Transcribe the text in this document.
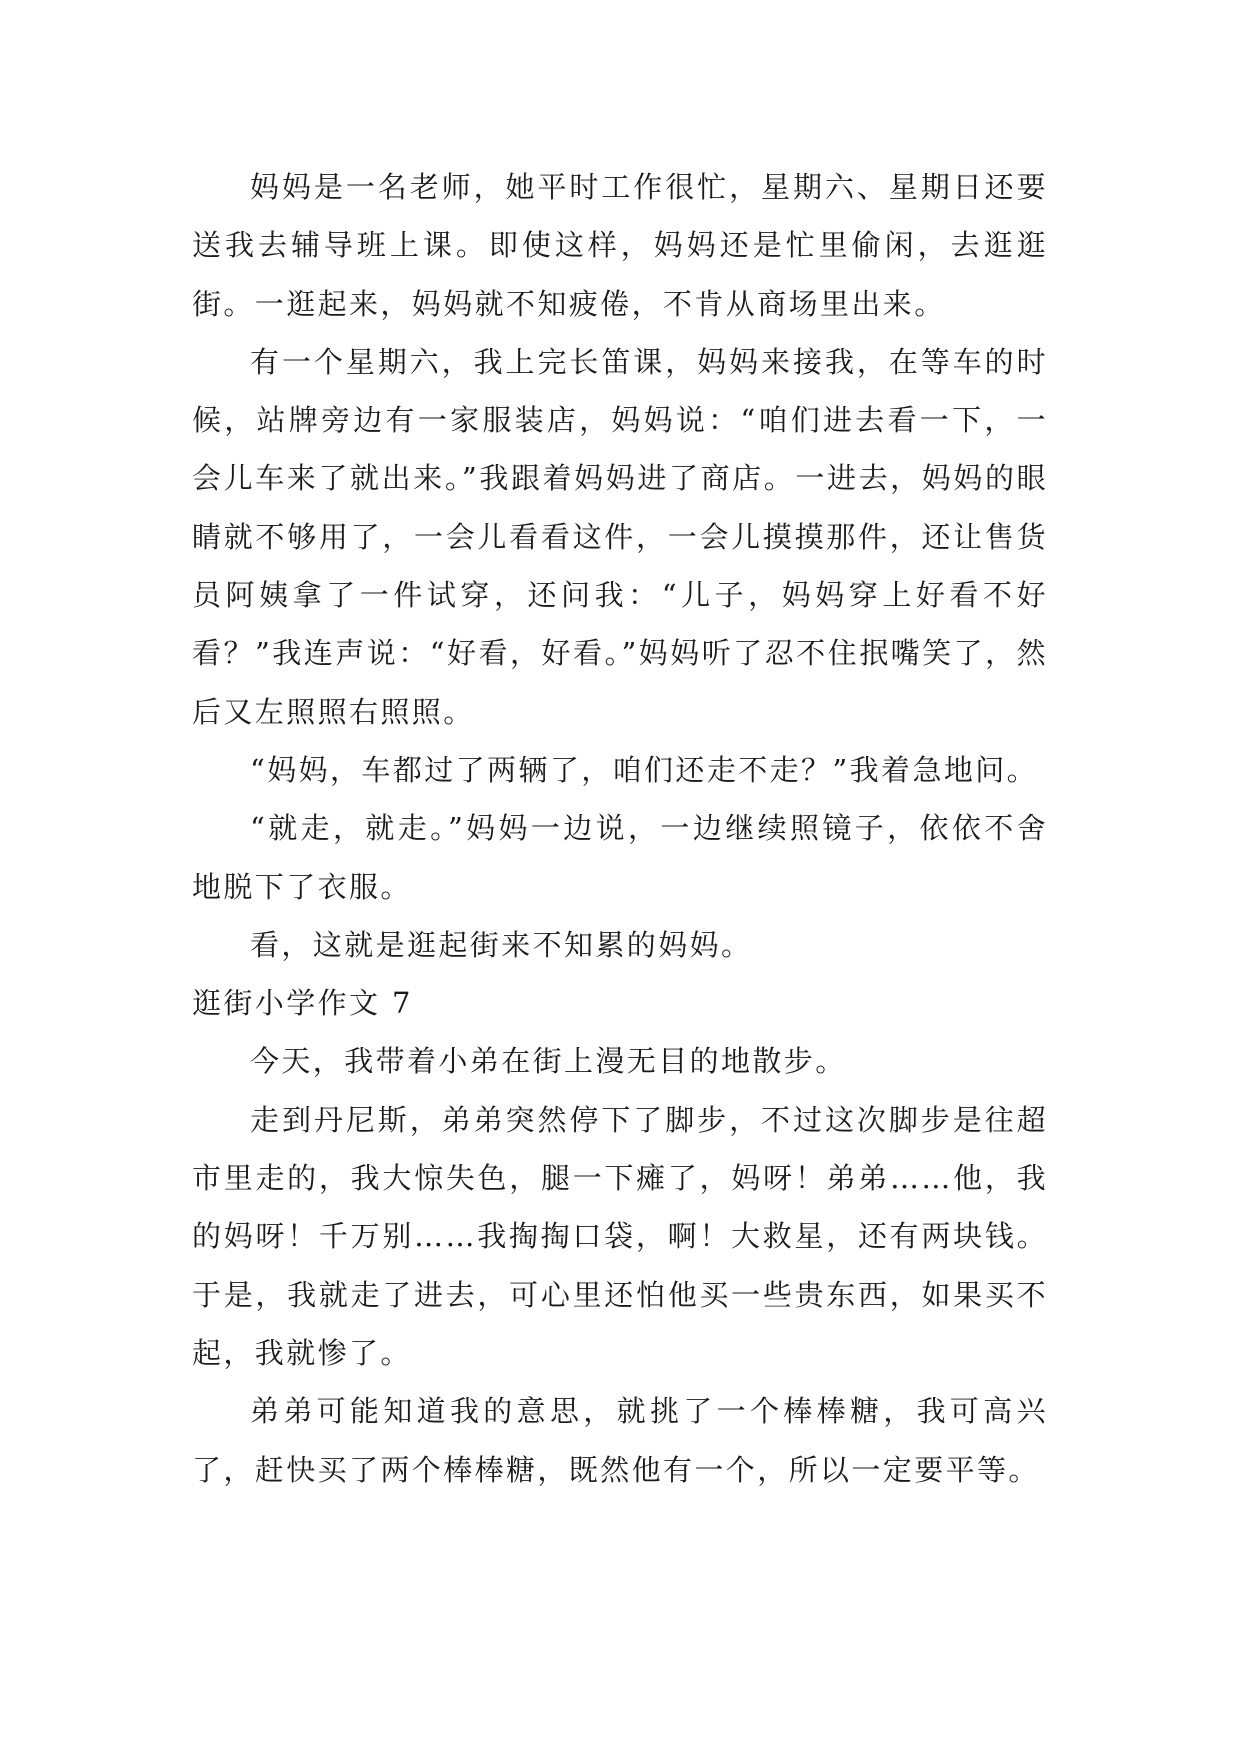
妈妈是一名老师，她平时工作很忙，星期六、星期日还要送我去辅导班上课。即使这样，妈妈还是忙里偷闲，去逛逛街。一逛起来，妈妈就不知疲倦，不肯从商场里出来。

有一个星期六，我上完长笛课，妈妈来接我，在等车的时候，站牌旁边有一家服装店，妈妈说：“咱们进去看一下，一会儿车来了就出来。”我跟着妈妈进了商店。一进去，妈妈的眼睛就不够用了，一会儿看看这件，一会儿摸摸那件，还让售货员阿姨拿了一件试穿，还问我：“儿子，妈妈穿上好看不好看？”我连声说：“好看，好看。”妈妈听了忍不住抿嘴笑了，然后又左照照右照照。

“妈妈，车都过了两辆了，咱们还走不走？”我着急地问。

“就走，就走。”妈妈一边说，一边继续照镜子，依依不舍地脱下了衣服。

看，这就是逛起街来不知累的妈妈。

逛街小学作文 7

今天，我带着小弟在街上漫无目的地散步。

走到丹尼斯，弟弟突然停下了脚步，不过这次脚步是往超市里走的，我大惊失色，腿一下瘫了，妈呀！弟弟……他，我的妈呀！千万别……我掏掏口袋，啊！大救星，还有两块钱。于是，我就走了进去，可心里还怕他买一些贵东西，如果买不起，我就惨了。

弟弟可能知道我的意思，就挑了一个棒棒糖，我可高兴了，赶快买了两个棒棒糖，既然他有一个，所以一定要平等。
